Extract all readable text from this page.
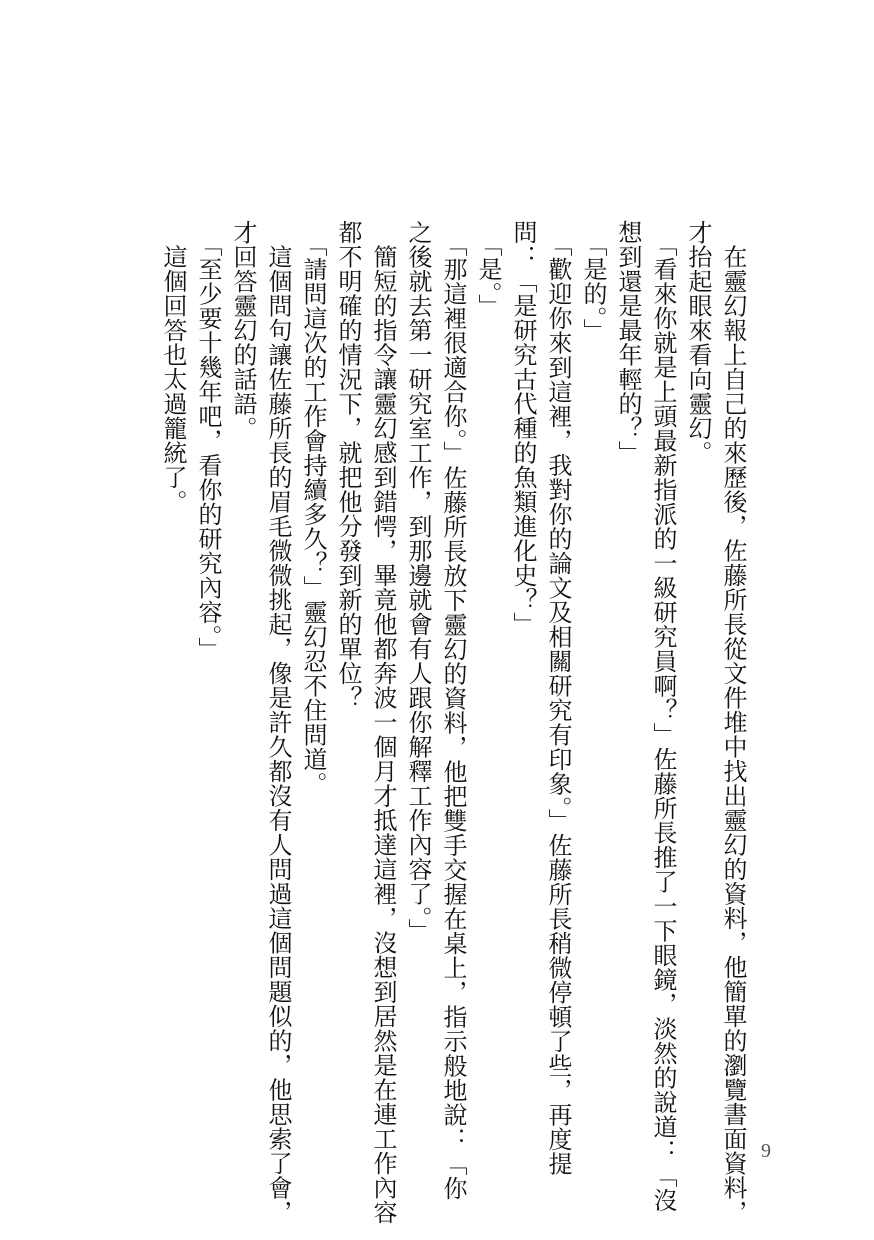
　在靈幻報上自己的來歷後，佐藤所長從文件堆中找出靈幻的資料，他簡單的瀏覽書面資料，
才抬起眼來看向靈幻。
　「看來你就是上頭最新指派的一級研究員啊？」佐藤所長推了一下眼鏡，淡然的說道：「沒
想到還是最年輕的？」
　「是的。」
　「歡迎你來到這裡，我對你的論文及相關研究有印象。」佐藤所長稍微停頓了些，再度提
問：「是研究古代種的魚類進化史？」
　「是。」
　「那這裡很適合你。」佐藤所長放下靈幻的資料，他把雙手交握在桌上，指示般地說：「你
之後就去第一研究室工作，到那邊就會有人跟你解釋工作內容了。」
　簡短的指令讓靈幻感到錯愕，畢竟他都奔波一個月才抵達這裡，沒想到居然是在連工作內容
都不明確的情況下，就把他分發到新的單位？
　「請問這次的工作會持續多久？」靈幻忍不住問道。
　這個問句讓佐藤所長的眉毛微微挑起，像是許久都沒有人問過這個問題似的，他思索了會，
才回答靈幻的話語。
　「至少要十幾年吧，看你的研究內容。」
　這個回答也太過籠統了。
9
